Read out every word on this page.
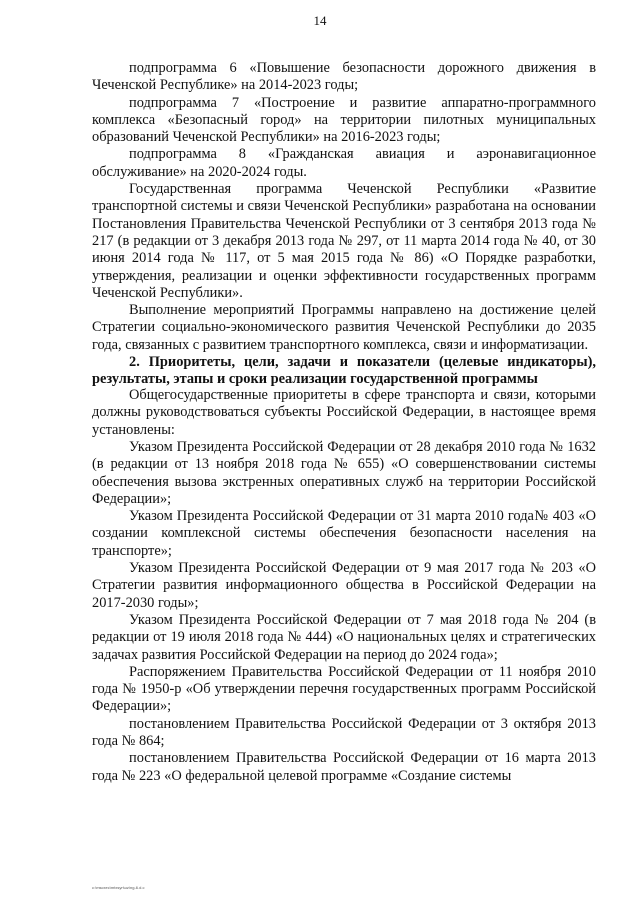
14

подпрограмма 6 «Повышение безопасности дорожного движения в Чеченской Республике» на 2014-2023 годы;

подпрограмма 7 «Построение и развитие аппаратно-программного комплекса «Безопасный город» на территории пилотных муниципальных образований Чеченской Республики» на 2016-2023 годы;

подпрограмма 8 «Гражданская авиация и аэронавигационное обслуживание» на 2020-2024 годы.

Государственная программа Чеченской Республики «Развитие транспортной системы и связи Чеченской Республики» разработана на основании Постановления Правительства Чеченской Республики от 3 сентября 2013 года № 217 (в редакции от 3 декабря 2013 года № 297, от 11 марта 2014 года № 40, от 30 июня 2014 года № 117, от 5 мая 2015 года № 86) «О Порядке разработки, утверждения, реализации и оценки эффективности государственных программ Чеченской Республики».

Выполнение мероприятий Программы направлено на достижение целей Стратегии социально-экономического развития Чеченской Республики до 2035 года, связанных с развитием транспортного комплекса, связи и информатизации.

2. Приоритеты, цели, задачи и показатели (целевые индикаторы), результаты, этапы и сроки реализации государственной программы

Общегосударственные приоритеты в сфере транспорта и связи, которыми должны руководствоваться субъекты Российской Федерации, в настоящее время установлены:

Указом Президента Российской Федерации от 28 декабря 2010 года № 1632 (в редакции от 13 ноября 2018 года № 655) «О совершенствовании системы обеспечения вызова экстренных оперативных служб на территории Российской Федерации»;

Указом Президента Российской Федерации от 31 марта 2010 года№ 403 «О создании комплексной системы обеспечения безопасности населения на транспорте»;

Указом Президента Российской Федерации от 9 мая 2017 года № 203 «О Стратегии развития информационного общества в Российской Федерации на 2017-2030 годы»;

Указом Президента Российской Федерации от 7 мая 2018 года № 204 (в редакции от 19 июля 2018 года № 444) «О национальных целях и стратегических задачах развития Российской Федерации на период до 2024 года»;

Распоряжением Правительства Российской Федерации от 11 ноября 2010 года № 1950-р «Об утверждении перечня государственных программ Российской Федерации»;

постановлением Правительства Российской Федерации от 3 октября 2013 года № 864;

постановлением Правительства Российской Федерации от 16 марта 2013 года № 223 «О федеральной целевой программе «Создание системы

c:\mscxec\mtxsyn\uz\ng-6.d.c
